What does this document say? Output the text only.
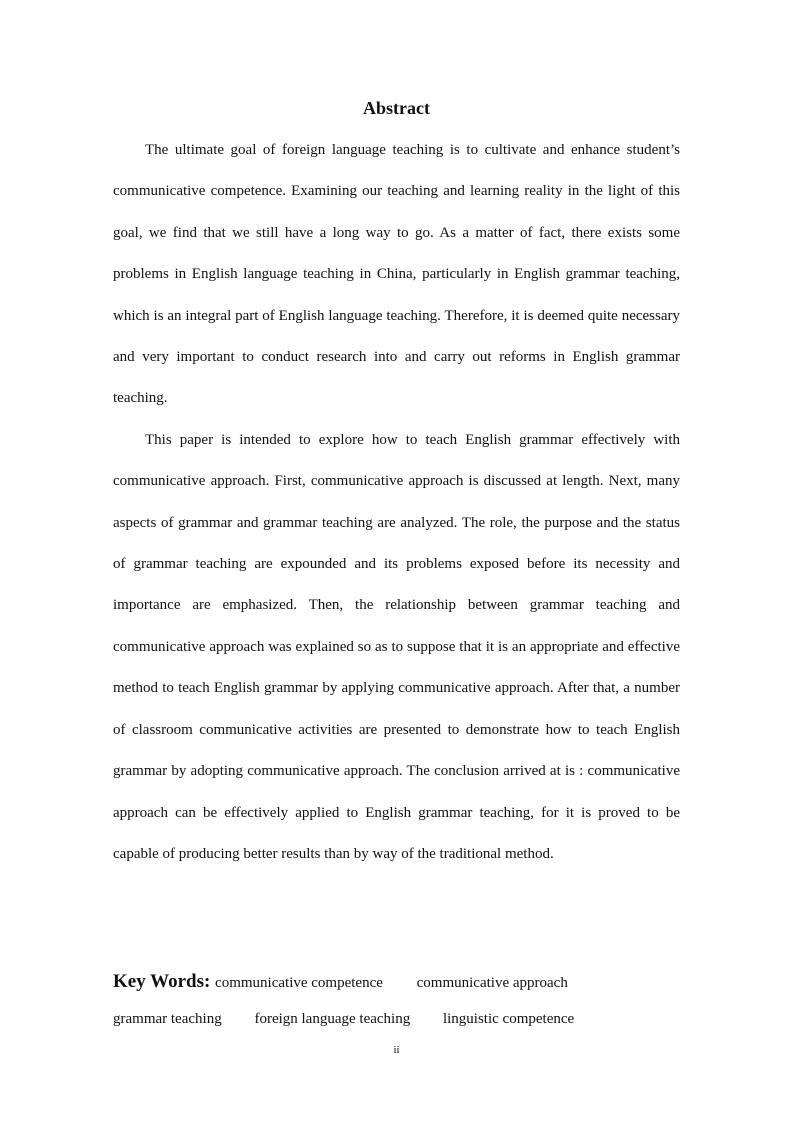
Abstract

The ultimate goal of foreign language teaching is to cultivate and enhance student’s communicative competence. Examining our teaching and learning reality in the light of this goal, we find that we still have a long way to go. As a matter of fact, there exists some problems in English language teaching in China, particularly in English grammar teaching, which is an integral part of English language teaching. Therefore, it is deemed quite necessary and very important to conduct research into and carry out reforms in English grammar teaching.

This paper is intended to explore how to teach English grammar effectively with communicative approach. First, communicative approach is discussed at length. Next, many aspects of grammar and grammar teaching are analyzed. The role, the purpose and the status of grammar teaching are expounded and its problems exposed before its necessity and importance are emphasized. Then, the relationship between grammar teaching and communicative approach was explained so as to suppose that it is an appropriate and effective method to teach English grammar by applying communicative approach. After that, a number of classroom communicative activities are presented to demonstrate how to teach English grammar by adopting communicative approach. The conclusion arrived at is : communicative approach can be effectively applied to English grammar teaching, for it is proved to be capable of producing better results than by way of the traditional method.

Key Words: communicative competence communicative approach
grammar teaching foreign language teaching linguistic competence
ii
